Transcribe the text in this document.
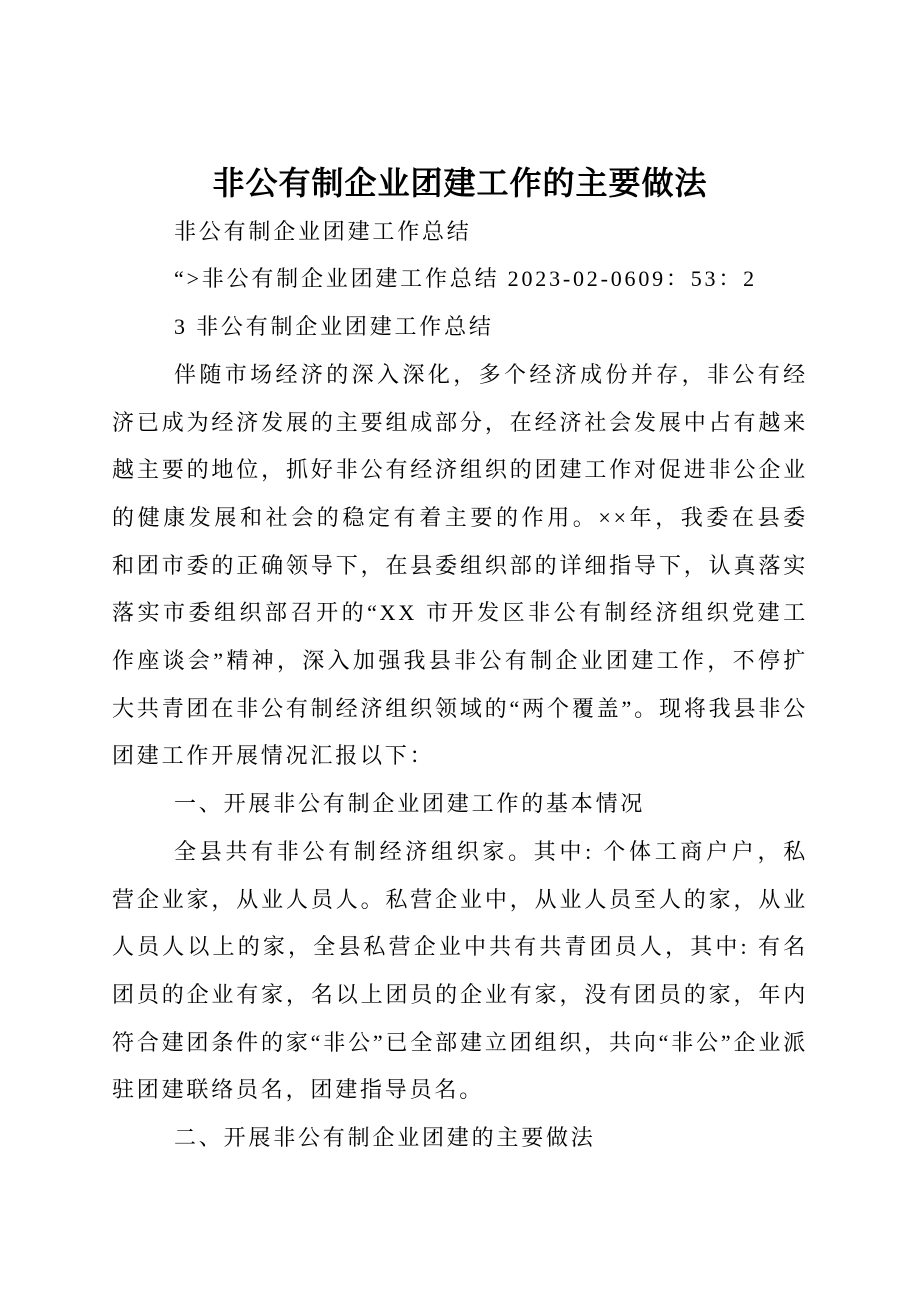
非公有制企业团建工作的主要做法

非公有制企业团建工作总结

“>非公有制企业团建工作总结 2023-02-0609：53：2

3 非公有制企业团建工作总结

伴随市场经济的深入深化，多个经济成份并存，非公有经济已成为经济发展的主要组成部分，在经济社会发展中占有越来越主要的地位，抓好非公有经济组织的团建工作对促进非公企业的健康发展和社会的稳定有着主要的作用。××年，我委在县委和团市委的正确领导下，在县委组织部的详细指导下，认真落实落实市委组织部召开的“XX 市开发区非公有制经济组织党建工作座谈会”精神，深入加强我县非公有制企业团建工作，不停扩大共青团在非公有制经济组织领域的“两个覆盖”。现将我县非公团建工作开展情况汇报以下：

一、开展非公有制企业团建工作的基本情况

全县共有非公有制经济组织家。其中: 个体工商户户，私营企业家，从业人员人。私营企业中，从业人员至人的家，从业人员人以上的家，全县私营企业中共有共青团员人，其中: 有名团员的企业有家，名以上团员的企业有家，没有团员的家，年内符合建团条件的家“非公”已全部建立团组织，共向“非公”企业派驻团建联络员名，团建指导员名。

二、开展非公有制企业团建的主要做法
